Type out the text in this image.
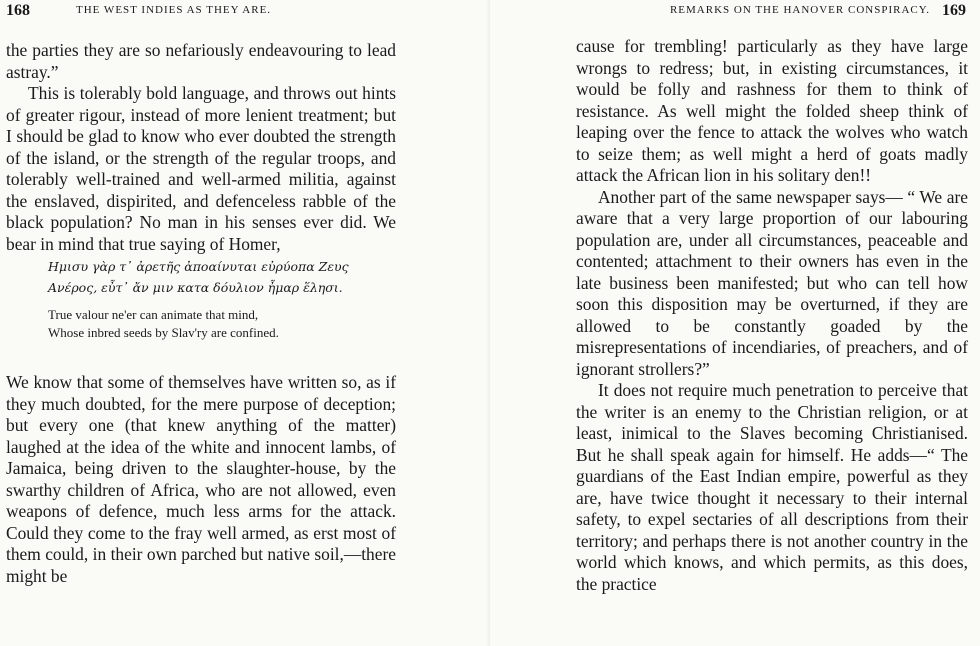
168	THE WEST INDIES AS THEY ARE.

the parties they are so nefariously endeavouring to lead astray.”

This is tolerably bold language, and throws out hints of greater rigour, instead of more lenient treatment; but I should be glad to know who ever doubted the strength of the island, or the strength of the regular troops, and tolerably well-trained and well-armed militia, against the enslaved, dispirited, and defenceless rabble of the black population? No man in his senses ever did. We bear in mind that true saying of Homer,

Ημισυ γὰρ τ᾽ ἀρετῆς ἀποαίνυται εὐρύοπα Ζευς

Ανέρος, εὖτ᾽ ἄν μιν κατα δόυλιον ἦμαρ ἕλησι.

True valour ne'er can animate that mind,

Whose inbred seeds by Slav'ry are confined.

We know that some of themselves have written so, as if they much doubted, for the mere purpose of deception; but every one (that knew anything of the matter) laughed at the idea of the white and innocent lambs, of Jamaica, being driven to the slaughter-house, by the swarthy children of Africa, who are not allowed, even weapons of defence, much less arms for the attack. Could they come to the fray well armed, as erst most of them could, in their own parched but native soil,—there might be

REMARKS ON THE HANOVER CONSPIRACY. 169

cause for trembling! particularly as they have large wrongs to redress; but, in existing circumstances, it would be folly and rashness for them to think of resistance. As well might the folded sheep think of leaping over the fence to attack the wolves who watch to seize them; as well might a herd of goats madly attack the African lion in his solitary den!!

Another part of the same newspaper says— “ We are aware that a very large proportion of our labouring population are, under all circumstances, peaceable and contented; attachment to their owners has even in the late business been manifested; but who can tell how soon this disposition may be overturned, if they are allowed to be constantly goaded by the misrepresentations of incendiaries, of preachers, and of ignorant strollers?”

It does not require much penetration to perceive that the writer is an enemy to the Christian religion, or at least, inimical to the Slaves becoming Christianised. But he shall speak again for himself. He adds—“ The guardians of the East Indian empire, powerful as they are, have twice thought it necessary to their internal safety, to expel sectaries of all descriptions from their territory; and perhaps there is not another country in the world which knows, and which permits, as this does, the practice
